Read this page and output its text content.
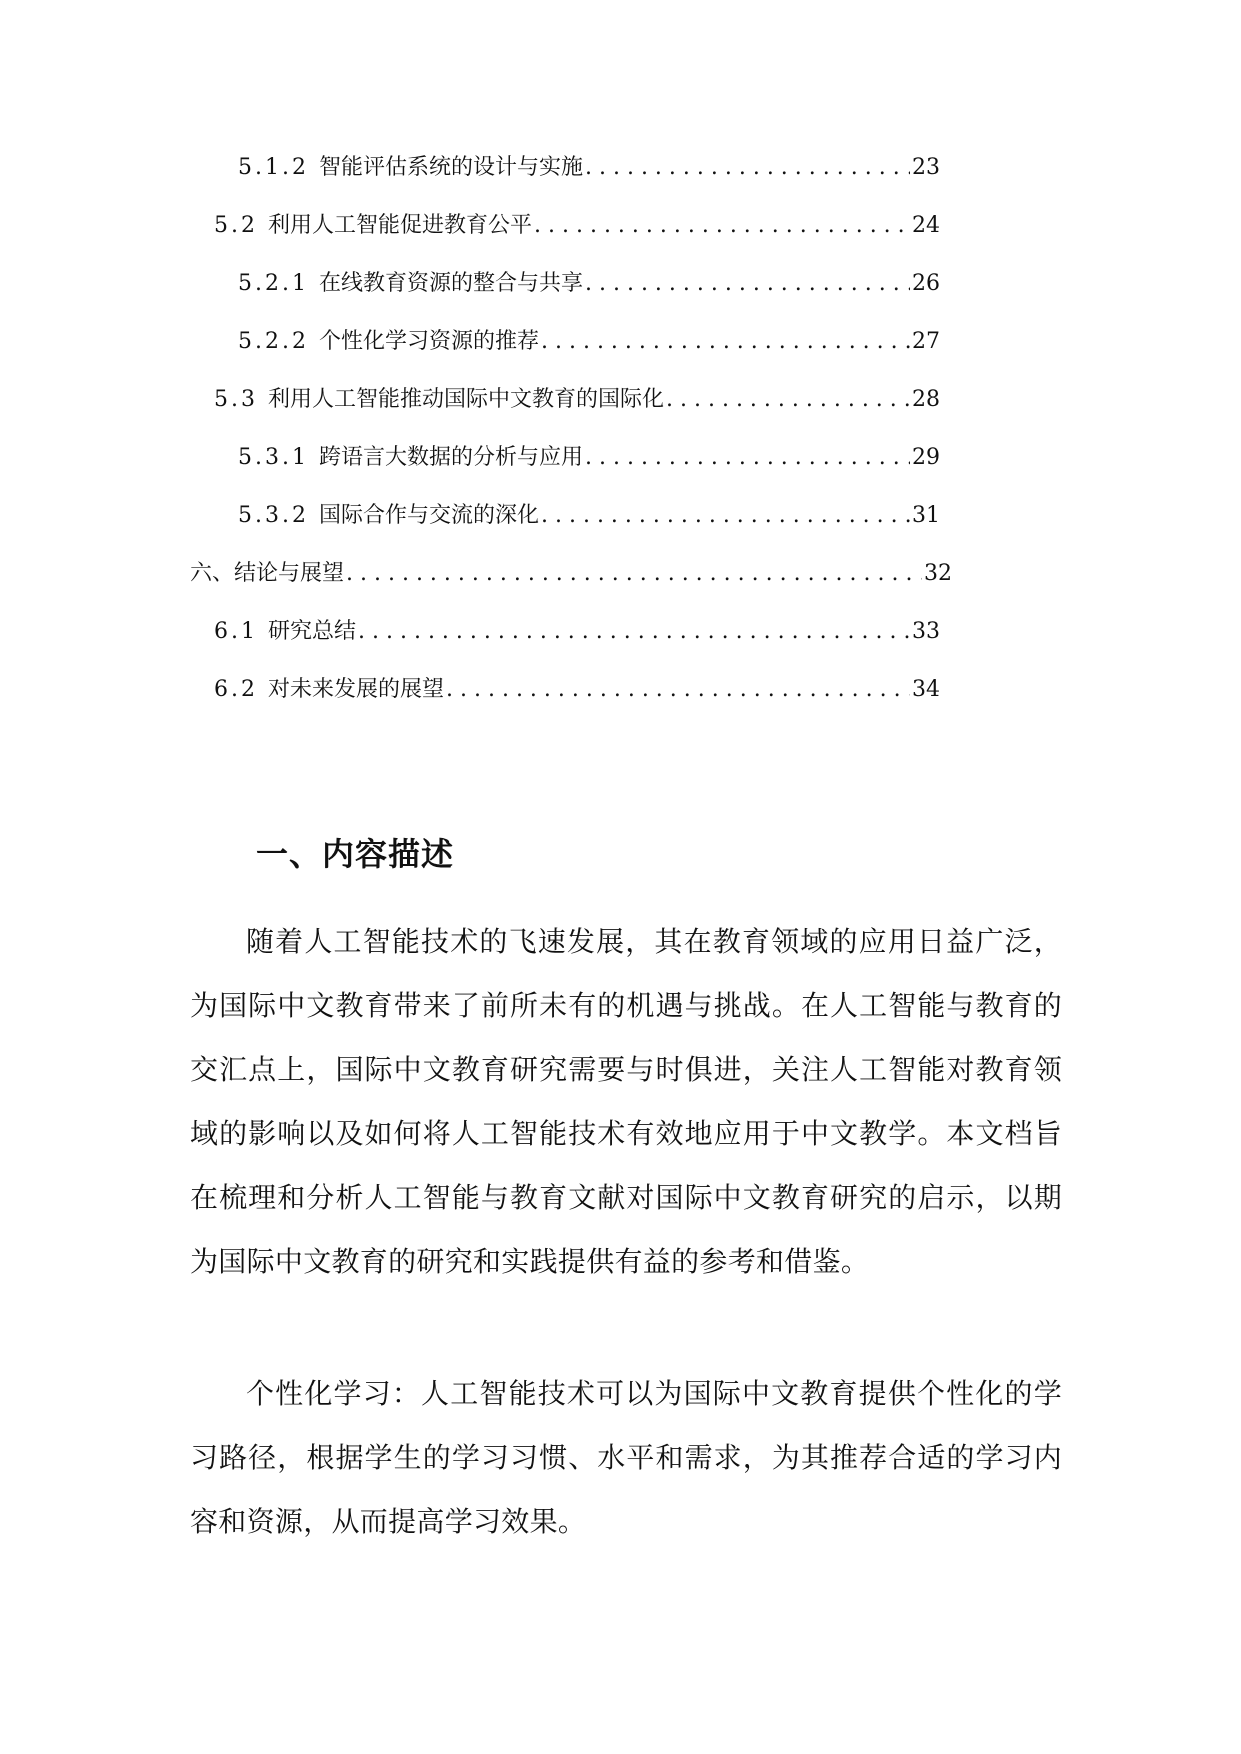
5.1.2 智能评估系统的设计与实施 . . .	23
5.2 利用人工智能促进教育公平 . . .	24
5.2.1 在线教育资源的整合与共享 . . .	26
5.2.2 个性化学习资源的推荐 . . .	27
5.3 利用人工智能推动国际中文教育的国际化 . . .	28
5.3.1 跨语言大数据的分析与应用 . . .	29
5.3.2 国际合作与交流的深化 . . .	31
六、结论与展望 . . .	32
6.1 研究总结 . . .	33
6.2 对未来发展的展望 . . .	34
一、内容描述

随着人工智能技术的飞速发展，其在教育领域的应用日益广泛，为国际中文教育带来了前所未有的机遇与挑战。在人工智能与教育的交汇点上，国际中文教育研究需要与时俱进，关注人工智能对教育领域的影响以及如何将人工智能技术有效地应用于中文教学。本文档旨在梳理和分析人工智能与教育文献对国际中文教育研究的启示，以期为国际中文教育的研究和实践提供有益的参考和借鉴。

个性化学习：人工智能技术可以为国际中文教育提供个性化的学习路径，根据学生的学习习惯、水平和需求，为其推荐合适的学习内容和资源，从而提高学习效果。
